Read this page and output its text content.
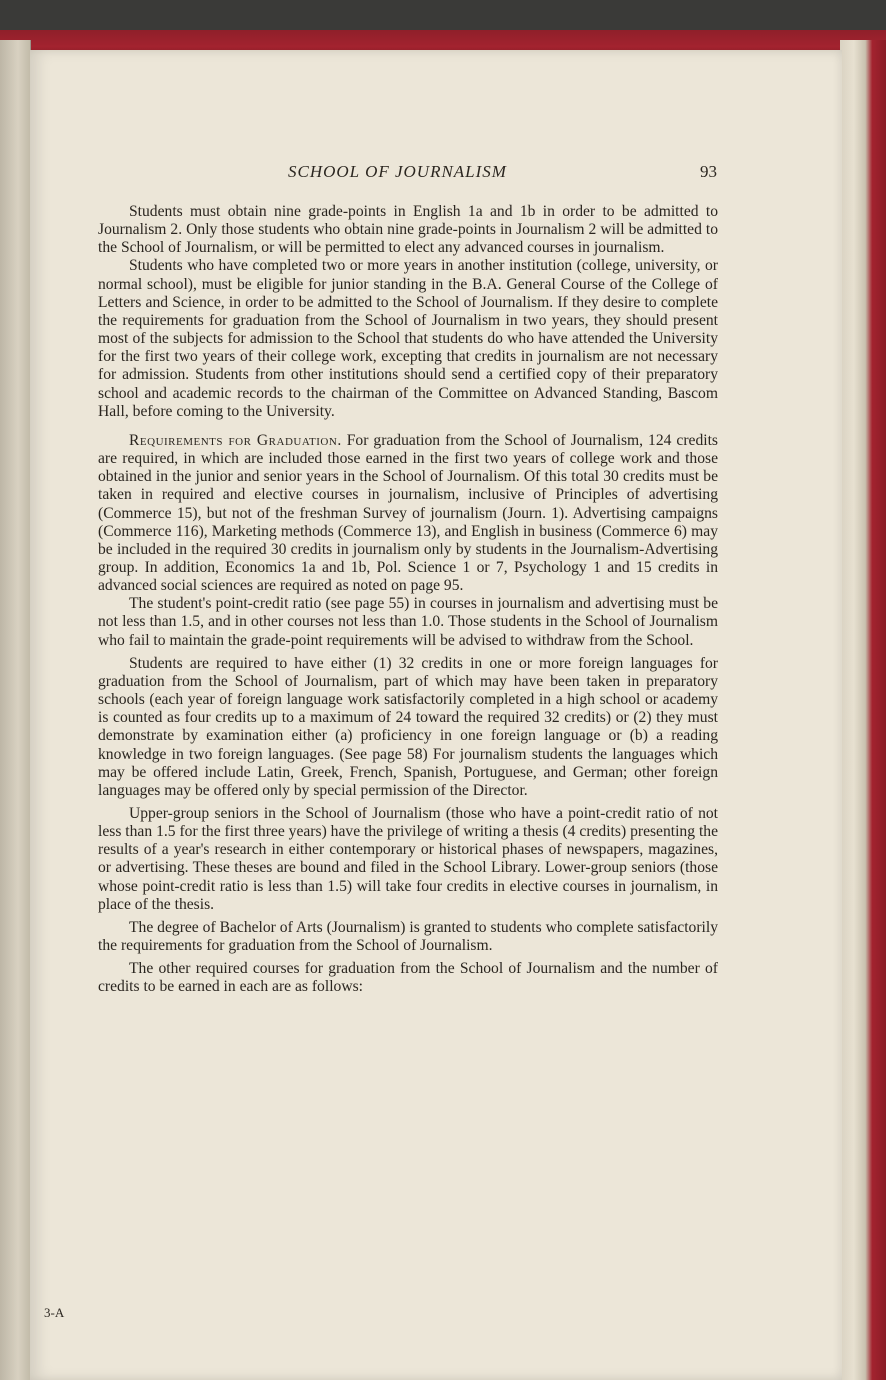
SCHOOL OF JOURNALISM	93

Students must obtain nine grade-points in English 1a and 1b in order to be admitted to Journalism 2. Only those students who obtain nine grade-points in Journalism 2 will be admitted to the School of Journalism, or will be permitted to elect any advanced courses in journalism.

Students who have completed two or more years in another institution (college, university, or normal school), must be eligible for junior standing in the B.A. General Course of the College of Letters and Science, in order to be admitted to the School of Journalism. If they desire to complete the requirements for graduation from the School of Journalism in two years, they should present most of the subjects for admission to the School that students do who have attended the University for the first two years of their college work, excepting that credits in journalism are not necessary for admission. Students from other institutions should send a certified copy of their preparatory school and academic records to the chairman of the Committee on Advanced Standing, Bascom Hall, before coming to the University.

Requirements for Graduation. For graduation from the School of Journalism, 124 credits are required, in which are included those earned in the first two years of college work and those obtained in the junior and senior years in the School of Journalism. Of this total 30 credits must be taken in required and elective courses in journalism, inclusive of Principles of advertising (Commerce 15), but not of the freshman Survey of journalism (Journ. 1). Advertising campaigns (Commerce 116), Marketing methods (Commerce 13), and English in business (Commerce 6) may be included in the required 30 credits in journalism only by students in the Journalism-Advertising group. In addition, Economics 1a and 1b, Pol. Science 1 or 7, Psychology 1 and 15 credits in advanced social sciences are required as noted on page 95.

The student's point-credit ratio (see page 55) in courses in journalism and advertising must be not less than 1.5, and in other courses not less than 1.0. Those students in the School of Journalism who fail to maintain the grade-point requirements will be advised to withdraw from the School.

Students are required to have either (1) 32 credits in one or more foreign languages for graduation from the School of Journalism, part of which may have been taken in preparatory schools (each year of foreign language work satisfactorily completed in a high school or academy is counted as four credits up to a maximum of 24 toward the required 32 credits) or (2) they must demonstrate by examination either (a) proficiency in one foreign language or (b) a reading knowledge in two foreign languages. (See page 58) For journalism students the languages which may be offered include Latin, Greek, French, Spanish, Portuguese, and German; other foreign languages may be offered only by special permission of the Director.

Upper-group seniors in the School of Journalism (those who have a point-credit ratio of not less than 1.5 for the first three years) have the privilege of writing a thesis (4 credits) presenting the results of a year's research in either contemporary or historical phases of newspapers, magazines, or advertising. These theses are bound and filed in the School Library. Lower-group seniors (those whose point-credit ratio is less than 1.5) will take four credits in elective courses in journalism, in place of the thesis.

The degree of Bachelor of Arts (Journalism) is granted to students who complete satisfactorily the requirements for graduation from the School of Journalism.

The other required courses for graduation from the School of Journalism and the number of credits to be earned in each are as follows:

3-A
